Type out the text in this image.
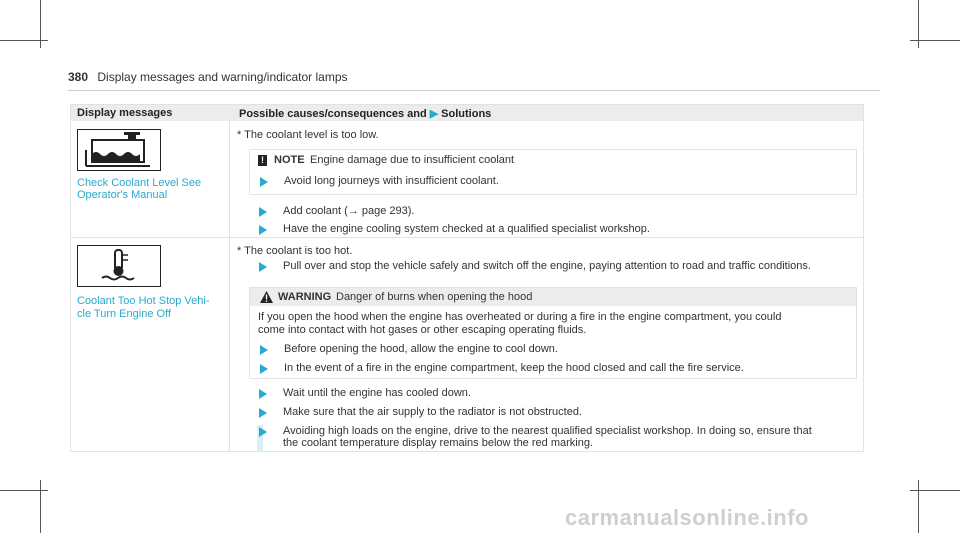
380 Display messages and warning/indicator lamps
Display messages	Possible causes/consequences and ▶ Solutions
Check Coolant Level See Operator's Manual
* The coolant level is too low.
! NOTE Engine damage due to insufficient coolant
Avoid long journeys with insufficient coolant.
Add coolant (→ page 293).
Have the engine cooling system checked at a qualified specialist workshop.
Coolant Too Hot Stop Vehi-
cle Turn Engine Off
* The coolant is too hot.
Pull over and stop the vehicle safely and switch off the engine, paying attention to road and traffic conditions.
WARNING Danger of burns when opening the hood
If you open the hood when the engine has overheated or during a fire in the engine compartment, you could
come into contact with hot gases or other escaping operating fluids.
Before opening the hood, allow the engine to cool down.
In the event of a fire in the engine compartment, keep the hood closed and call the fire service.
Wait until the engine has cooled down.
Make sure that the air supply to the radiator is not obstructed.
Avoiding high loads on the engine, drive to the nearest qualified specialist workshop. In doing so, ensure that
the coolant temperature display remains below the red marking.
carmanualsonline.info
